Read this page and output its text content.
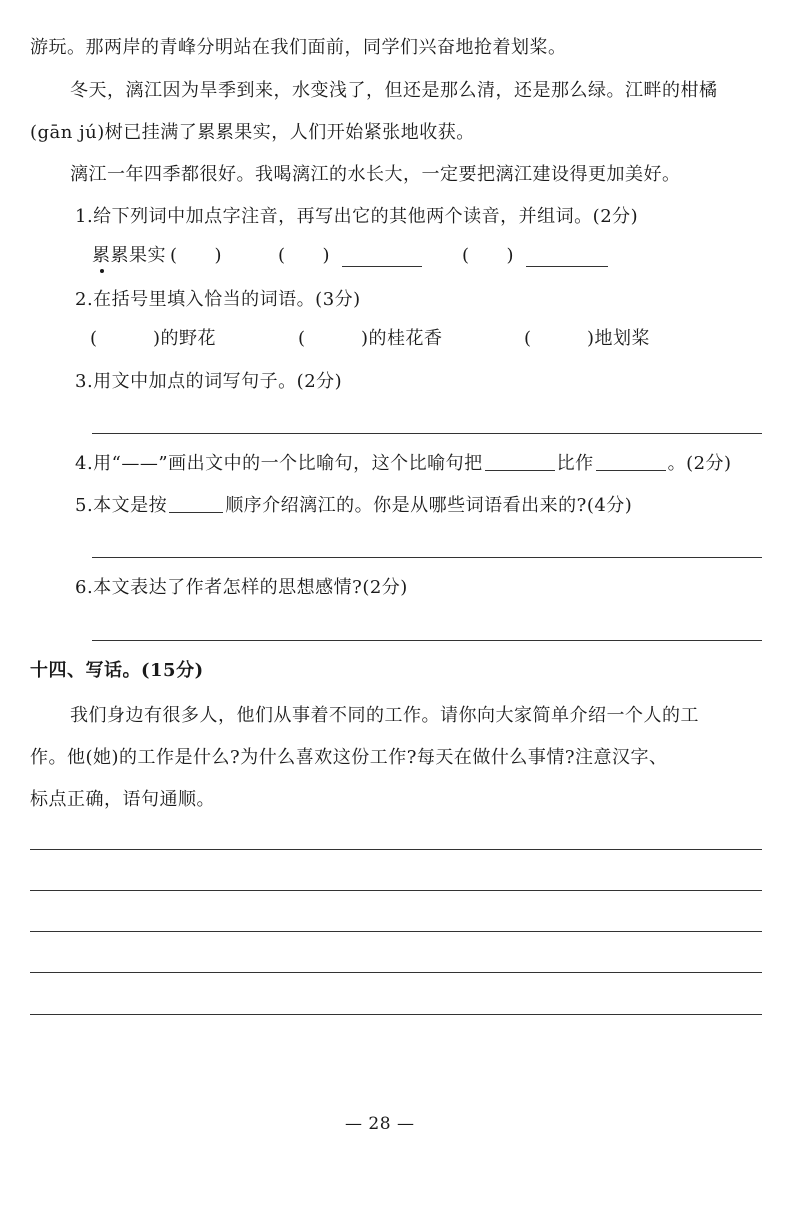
游玩。那两岸的青峰分明站在我们面前，同学们兴奋地抢着划桨。
冬天，漓江因为旱季到来，水变浅了，但还是那么清，还是那么绿。江畔的柑橘
(gān jú)树已挂满了累累果实，人们开始紧张地收获。
漓江一年四季都很好。我喝漓江的水长大，一定要把漓江建设得更加美好。
1.给下列词中加点字注音，再写出它的其他两个读音，并组词。(2分)
累累果实 (　　)	(　　)	(　　)
2.在括号里填入恰当的词语。(3分)
(　　　)的野花	(　　　)的桂花香	(　　　)地划桨
3.用文中加点的词写句子。(2分)
4.用“——”画出文中的一个比喻句，这个比喻句把	比作	。(2分)
5.本文是按	顺序介绍漓江的。你是从哪些词语看出来的?(4分)
6.本文表达了作者怎样的思想感情?(2分)
十四、写话。(15分)
我们身边有很多人，他们从事着不同的工作。请你向大家简单介绍一个人的工
作。他(她)的工作是什么?为什么喜欢这份工作?每天在做什么事情?注意汉字、
标点正确，语句通顺。
— 28 —
